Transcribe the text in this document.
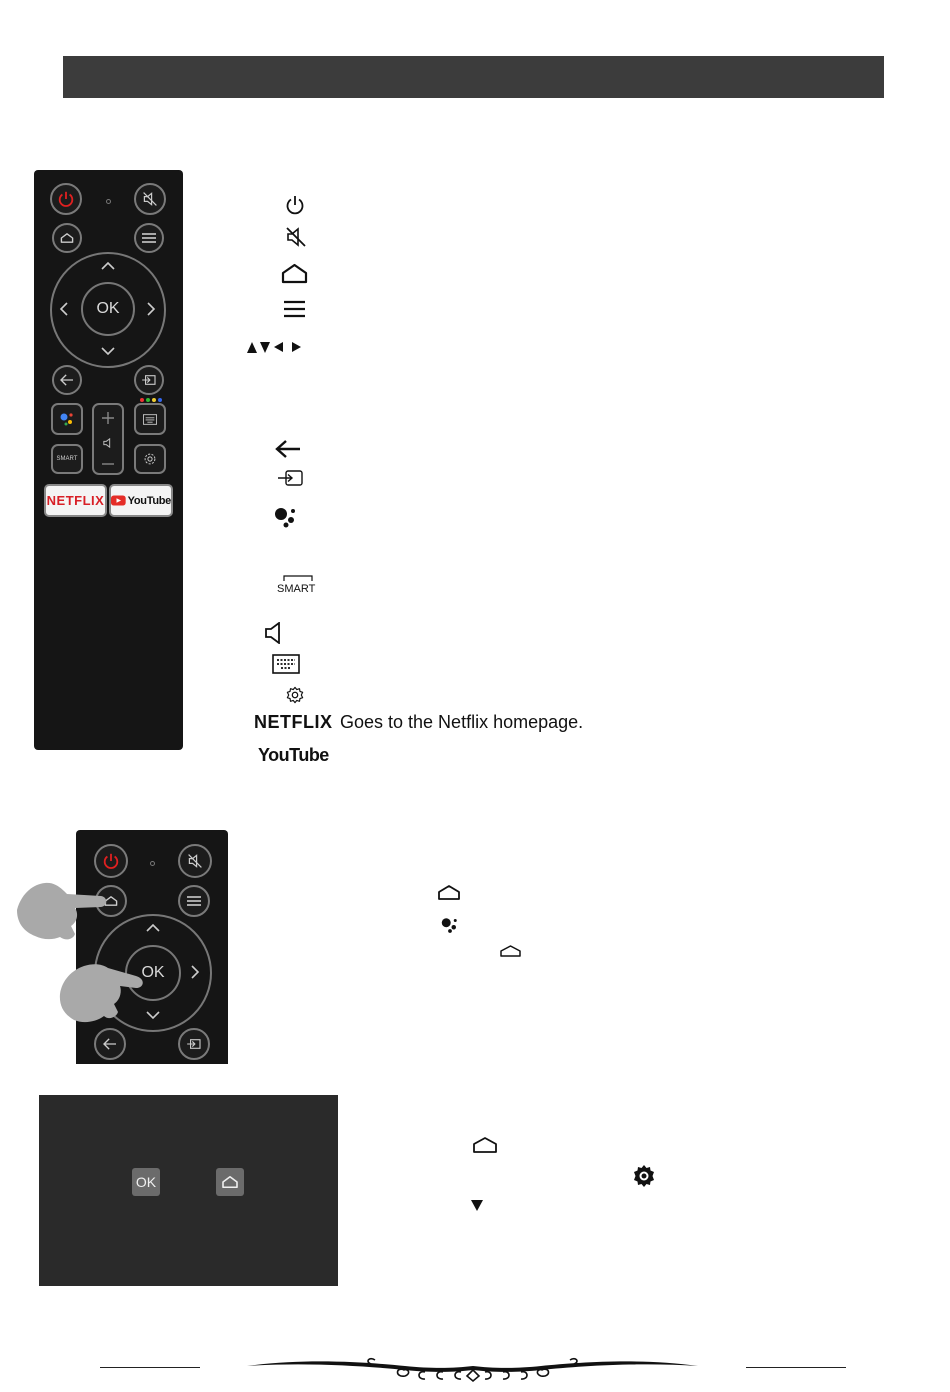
OK
SMART
NETFLIX YouTube
SMART
NETFLIX Goes to the Netflix homepage.
YouTube
OK
OK
